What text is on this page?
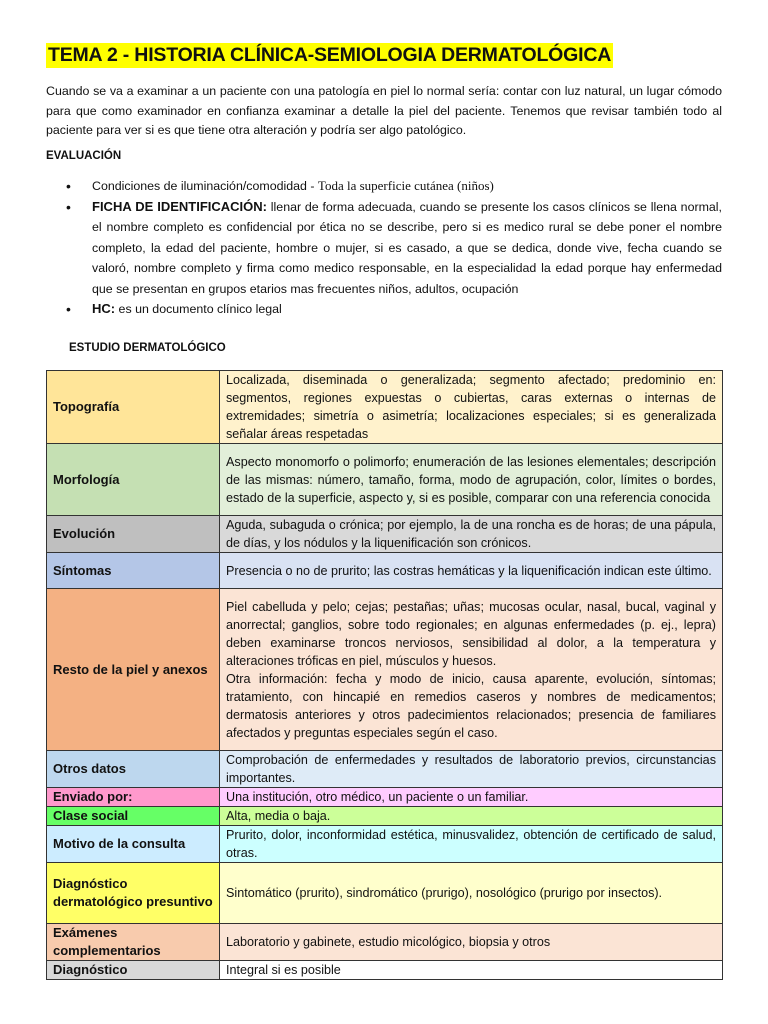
TEMA 2 - HISTORIA CLÍNICA-SEMIOLOGIA DERMATOLÓGICA
Cuando se va a examinar a un paciente con una patología en piel lo normal sería: contar con luz natural, un lugar cómodo para que como examinador en confianza examinar a detalle la piel del paciente. Tenemos que revisar también todo al paciente para ver si es que tiene otra alteración y podría ser algo patológico.
EVALUACIÓN
• Condiciones de iluminación/comodidad - Toda la superficie cutánea (niños)
• FICHA DE IDENTIFICACIÓN: llenar de forma adecuada, cuando se presente los casos clínicos se llena normal, el nombre completo es confidencial por ética no se describe, pero si es medico rural se debe poner el nombre completo, la edad del paciente, hombre o mujer, si es casado, a que se dedica, donde vive, fecha cuando se valoró, nombre completo y firma como medico responsable, en la especialidad la edad porque hay enfermedad que se presentan en grupos etarios mas frecuentes niños, adultos, ocupación
• HC: es un documento clínico legal
ESTUDIO DERMATOLÓGICO
Topografía	Localizada, diseminada o generalizada; segmento afectado; predominio en: segmentos, regiones expuestas o cubiertas, caras externas o internas de extremidades; simetría o asimetría; localizaciones especiales; si es generalizada señalar áreas respetadas

Morfología	Aspecto monomorfo o polimorfo; enumeración de las lesiones elementales; descripción de las mismas: número, tamaño, forma, modo de agrupación, color, límites o bordes, estado de la superficie, aspecto y, si es posible, comparar con una referencia conocida

Evolución	Aguda, subaguda o crónica; por ejemplo, la de una roncha es de horas; de una pápula, de días, y los nódulos y la liquenificación son crónicos.

Síntomas	Presencia o no de prurito; las costras hemáticas y la liquenificación indican este último.

Resto de la piel y anexos	Piel cabelluda y pelo; cejas; pestañas; uñas; mucosas ocular, nasal, bucal, vaginal y anorrectal; ganglios, sobre todo regionales; en algunas enfermedades (p. ej., lepra) deben examinarse troncos nerviosos, sensibilidad al dolor, a la temperatura y alteraciones tróficas en piel, músculos y huesos.
Otra información: fecha y modo de inicio, causa aparente, evolución, síntomas; tratamiento, con hincapié en remedios caseros y nombres de medicamentos; dermatosis anteriores y otros padecimientos relacionados; presencia de familiares afectados y preguntas especiales según el caso.

Otros datos	Comprobación de enfermedades y resultados de laboratorio previos, circunstancias importantes.

Enviado por:	Una institución, otro médico, un paciente o un familiar.

Clase social	Alta, media o baja.

Motivo de la consulta	Prurito, dolor, inconformidad estética, minusvalidez, obtención de certificado de salud, otras.

Diagnóstico dermatológico presuntivo	Sintomático (prurito), sindromático (prurigo), nosológico (prurigo por insectos).

Exámenes complementarios	Laboratorio y gabinete, estudio micológico, biopsia y otros

Diagnóstico	Integral si es posible
